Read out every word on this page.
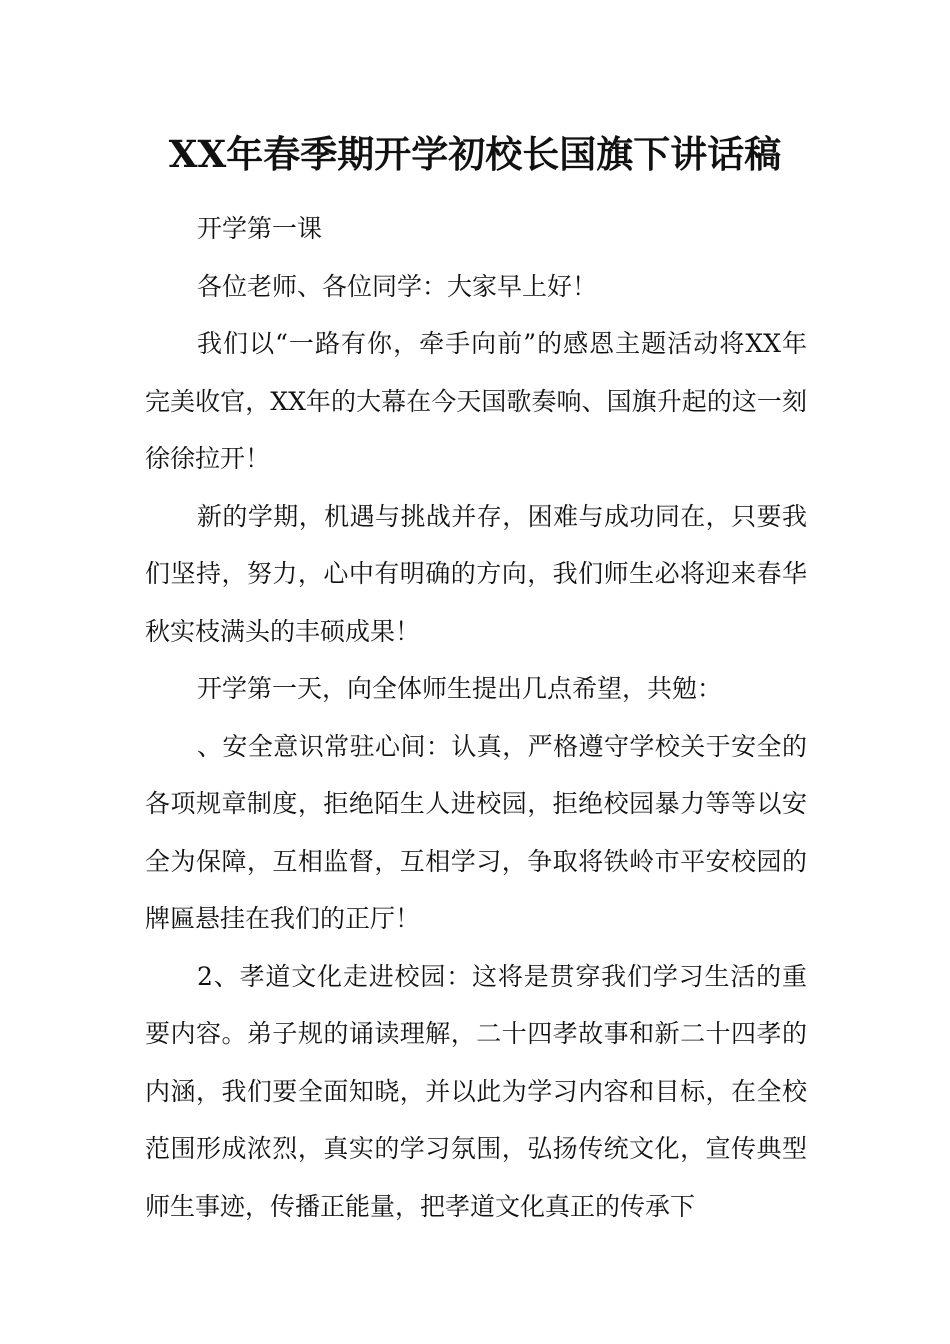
XX年春季期开学初校长国旗下讲话稿

开学第一课

各位老师、各位同学：大家早上好！

我们以“一路有你，牵手向前”的感恩主题活动将XX年完美收官，XX年的大幕在今天国歌奏响、国旗升起的这一刻徐徐拉开！

新的学期，机遇与挑战并存，困难与成功同在，只要我们坚持，努力，心中有明确的方向，我们师生必将迎来春华秋实枝满头的丰硕成果！

开学第一天，向全体师生提出几点希望，共勉：

、安全意识常驻心间：认真，严格遵守学校关于安全的各项规章制度，拒绝陌生人进校园，拒绝校园暴力等等以安全为保障，互相监督，互相学习，争取将铁岭市平安校园的牌匾悬挂在我们的正厅！

2、孝道文化走进校园：这将是贯穿我们学习生活的重要内容。弟子规的诵读理解，二十四孝故事和新二十四孝的内涵，我们要全面知晓，并以此为学习内容和目标，在全校范围形成浓烈，真实的学习氛围，弘扬传统文化，宣传典型师生事迹，传播正能量，把孝道文化真正的传承下
